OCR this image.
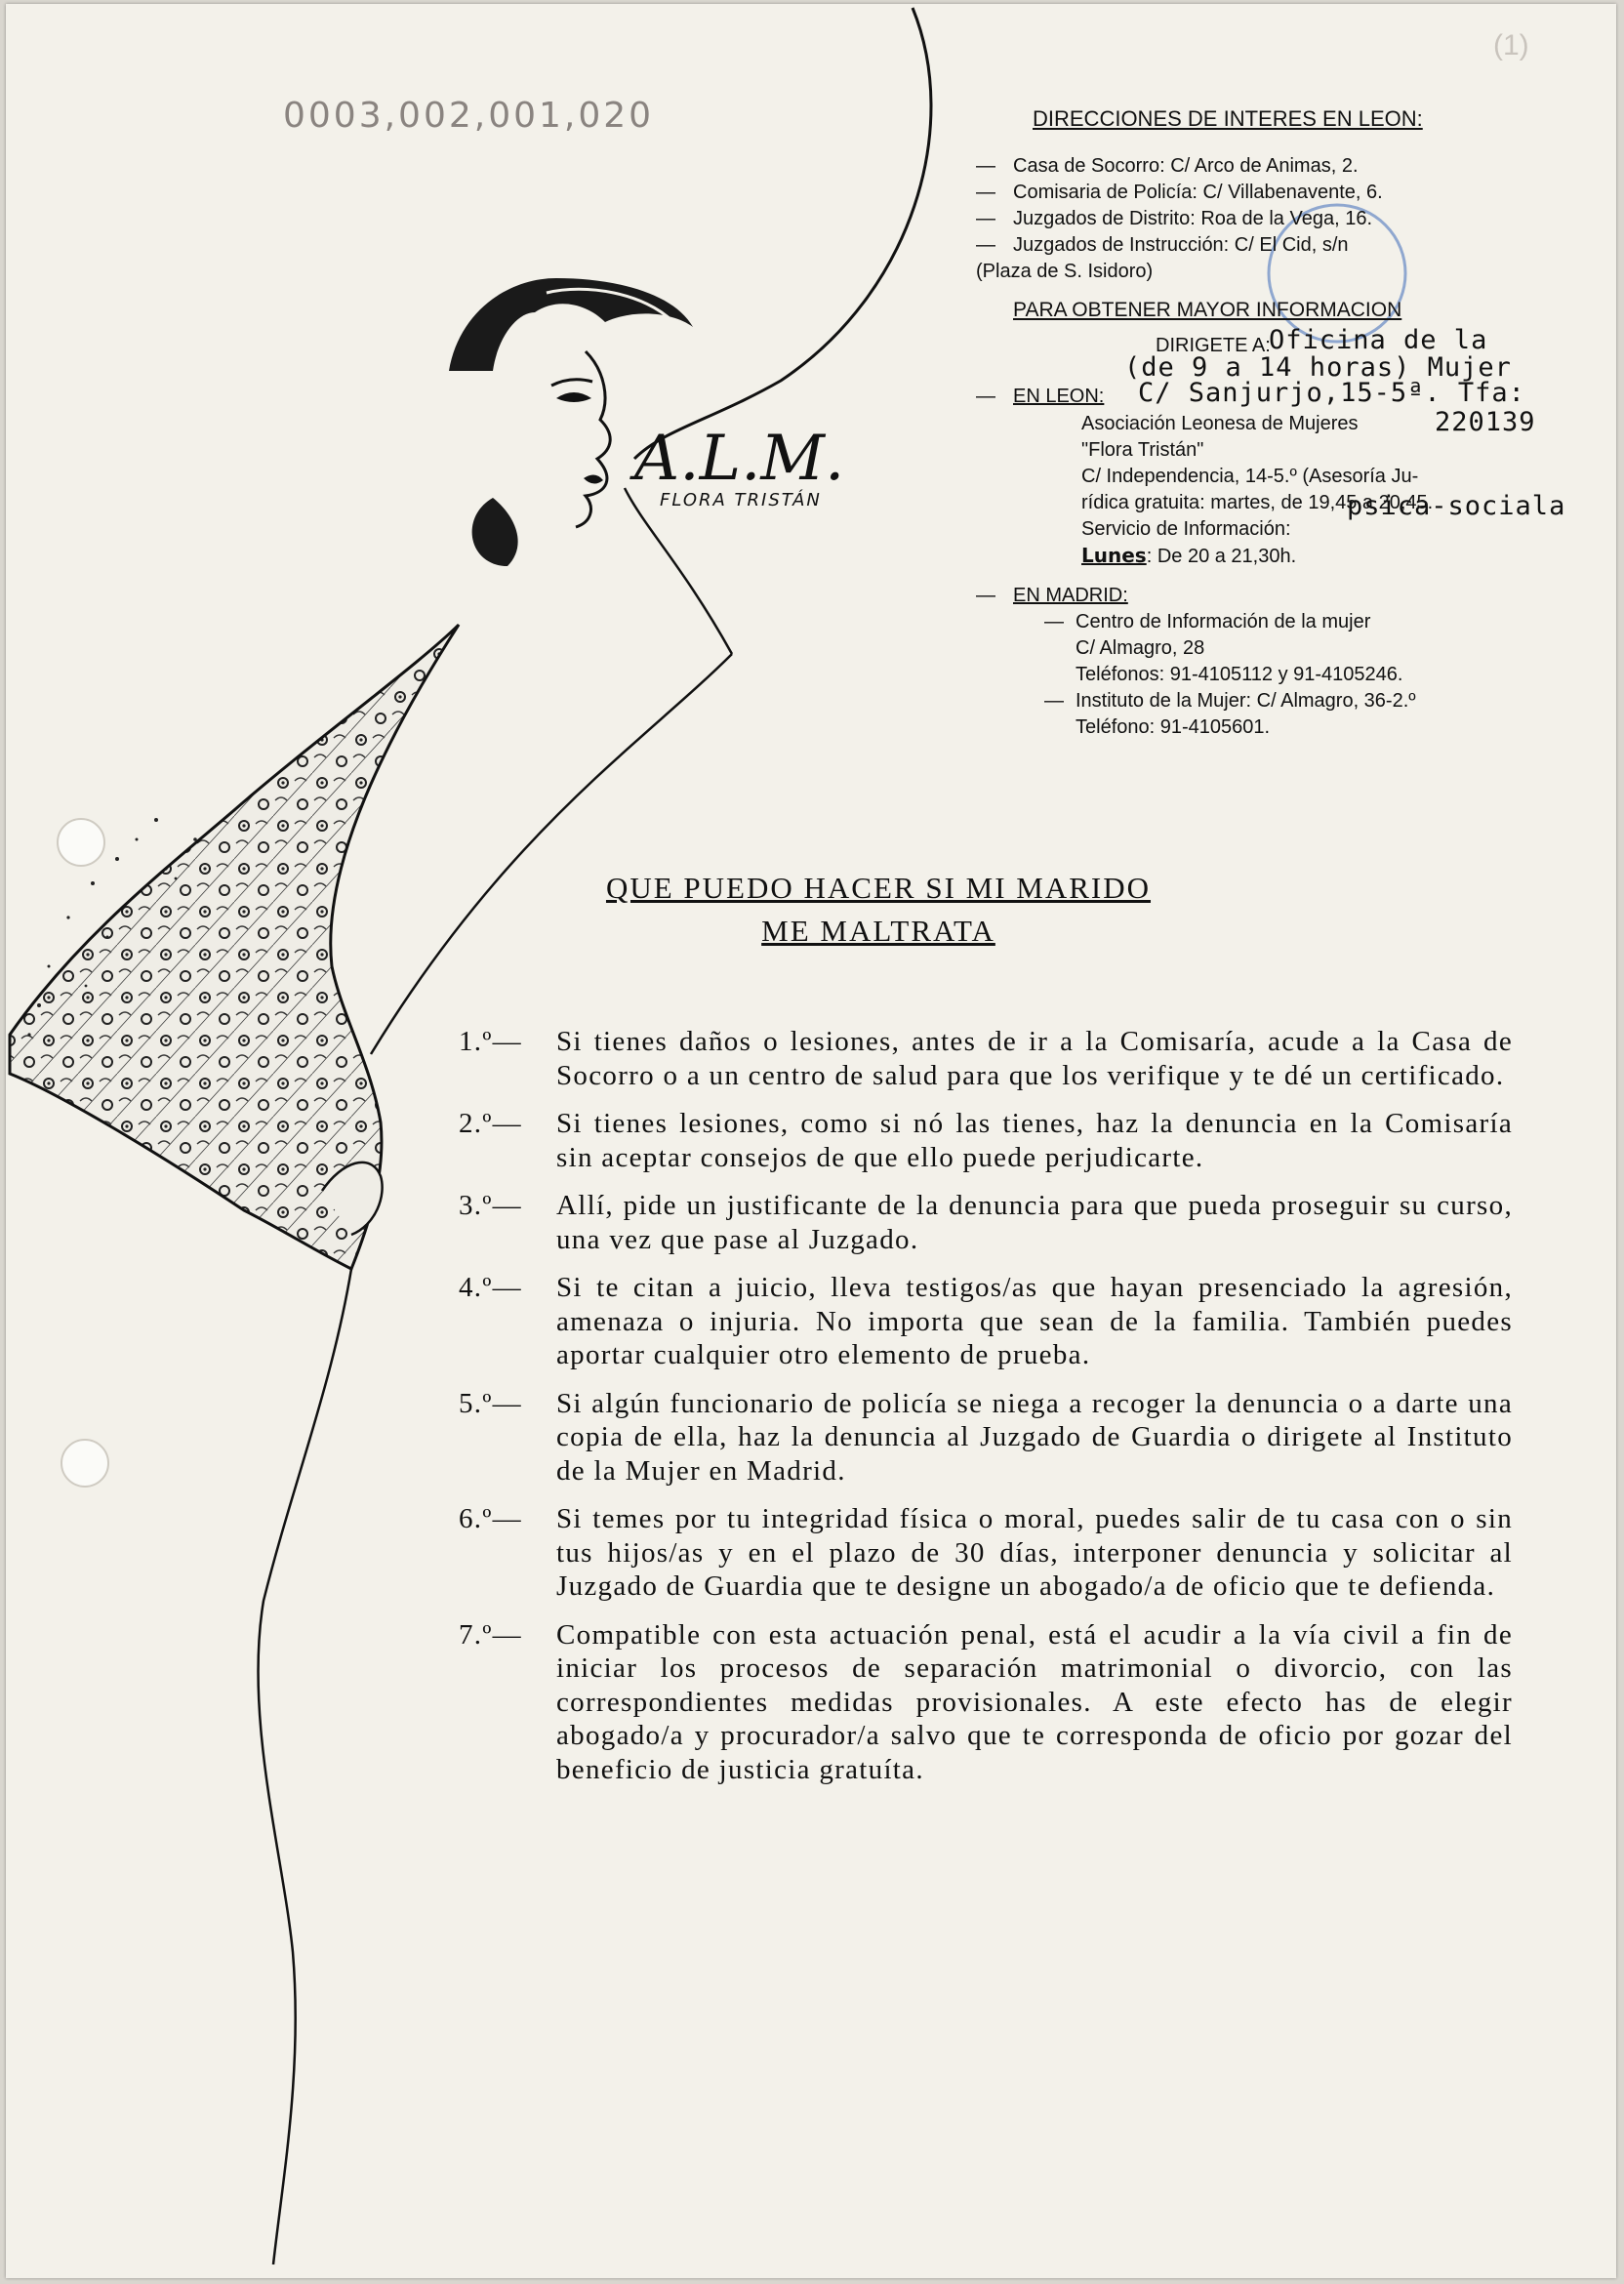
0003,002,001,020
(1)
A.L.M.
FLORA TRISTÁN
DIRECCIONES DE INTERES EN LEON:
— Casa de Socorro: C/ Arco de Animas, 2.
— Comisaria de Policía: C/ Villabenavente, 6.
— Juzgados de Distrito: Roa de la Vega, 16.
— Juzgados de Instrucción: C/ El Cid, s/n
(Plaza de S. Isidoro)
PARA OBTENER MAYOR INFORMACION
DIRIGETE A:
Oficina de la
(de 9 a 14 horas) Mujer
— EN LEON: C/ Sanjurjo,15-5ª. Tfa:
220139
Asociación Leonesa de Mujeres
"Flora Tristán"
C/ Independencia, 14-5.º (Asesoría Ju-
rídica gratuita: martes, de 19,45 a 20,45.
Servicio de Información:
Lunes: De 20 a 21,30h.
psica-sociala
— EN MADRID:
— Centro de Información de la mujer
C/ Almagro, 28
Teléfonos: 91-4105112 y 91-4105246.
— Instituto de la Mujer: C/ Almagro, 36-2.º
Teléfono: 91-4105601.
QUE PUEDO HACER SI MI MARIDO
ME MALTRATA
1.º—	Si tienes daños o lesiones, antes de ir a la Comisaría, acude a la Casa de Socorro o a un centro de salud para que los verifique y te dé un certificado.
2.º—	Si tienes lesiones, como si nó las tienes, haz la denuncia en la Comisaría sin aceptar consejos de que ello puede perjudicarte.
3.º—	Allí, pide un justificante de la denuncia para que pueda proseguir su curso, una vez que pase al Juzgado.
4.º—	Si te citan a juicio, lleva testigos/as que hayan presenciado la agresión, amenaza o injuria. No importa que sean de la familia. También puedes aportar cualquier otro elemento de prueba.
5.º—	Si algún funcionario de policía se niega a recoger la denuncia o a darte una copia de ella, haz la denuncia al Juzgado de Guardia o dirigete al Instituto de la Mujer en Madrid.
6.º—	Si temes por tu integridad física o moral, puedes salir de tu casa con o sin tus hijos/as y en el plazo de 30 días, interponer denuncia y solicitar al Juzgado de Guardia que te designe un abogado/a de oficio que te defienda.
7.º—	Compatible con esta actuación penal, está el acudir a la vía civil a fin de iniciar los procesos de separación matrimonial o divorcio, con las correspondientes medidas provisionales. A este efecto has de elegir abogado/a y procurador/a salvo que te corresponda de oficio por gozar del beneficio de justicia gratuíta.
